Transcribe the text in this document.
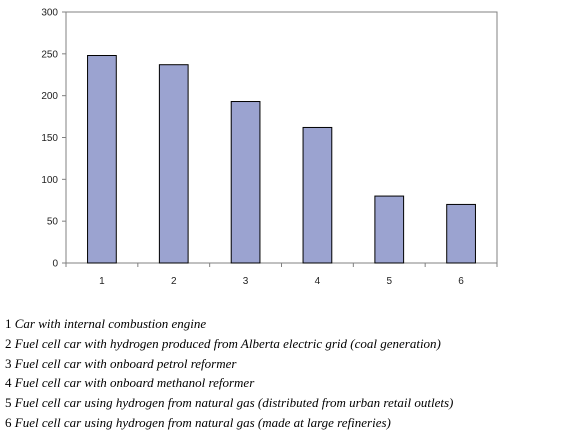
0
50
100
150
200
250
300
1	2	3	4	5	6
1 Car with internal combustion engine
2 Fuel cell car with hydrogen produced from Alberta electric grid (coal generation)
3 Fuel cell car with onboard petrol reformer
4 Fuel cell car with onboard methanol reformer
5 Fuel cell car using hydrogen from natural gas (distributed from urban retail outlets)
6 Fuel cell car using hydrogen from natural gas (made at large refineries)
